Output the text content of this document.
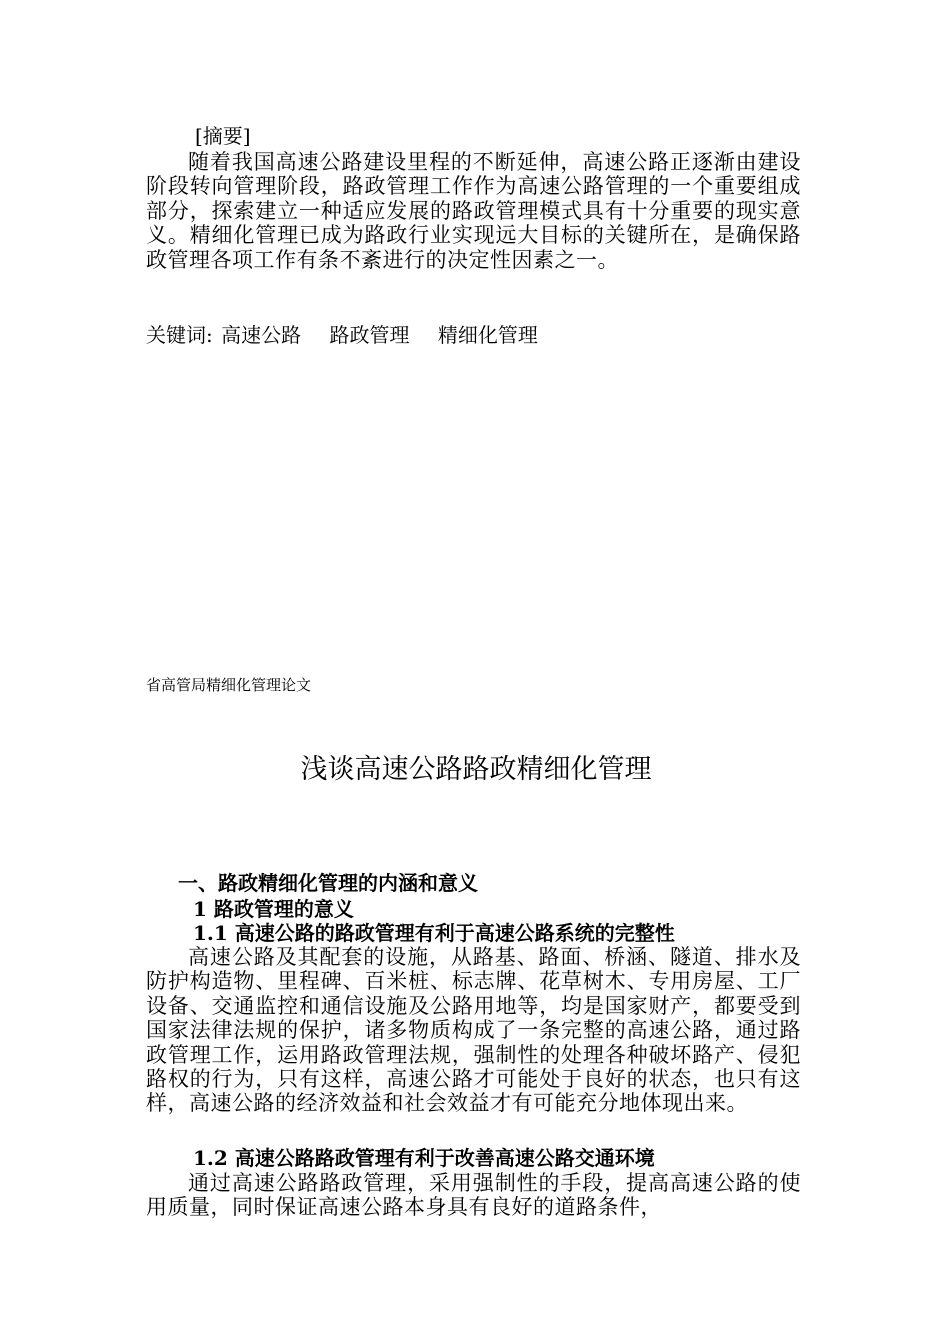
[摘要]

随着我国高速公路建设里程的不断延伸，高速公路正逐渐由建设阶段转向管理阶段，路政管理工作作为高速公路管理的一个重要组成部分，探索建立一种适应发展的路政管理模式具有十分重要的现实意义。精细化管理已成为路政行业实现远大目标的关键所在，是确保路政管理各项工作有条不紊进行的决定性因素之一。

关键词: 高速公路 路政管理 精细化管理
省高管局精细化管理论文
浅谈高速公路路政精细化管理
一、路政精细化管理的内涵和意义
1 路政管理的意义
1.1 高速公路的路政管理有利于高速公路系统的完整性

高速公路及其配套的设施，从路基、路面、桥涵、隧道、排水及防护构造物、里程碑、百米桩、标志牌、花草树木、专用房屋、工厂设备、交通监控和通信设施及公路用地等，均是国家财产，都要受到国家法律法规的保护，诸多物质构成了一条完整的高速公路，通过路政管理工作，运用路政管理法规，强制性的处理各种破坏路产、侵犯路权的行为，只有这样，高速公路才可能处于良好的状态，也只有这样，高速公路的经济效益和社会效益才有可能充分地体现出来。

1.2 高速公路路政管理有利于改善高速公路交通环境

通过高速公路路政管理，采用强制性的手段，提高高速公路的使用质量，同时保证高速公路本身具有良好的道路条件，
